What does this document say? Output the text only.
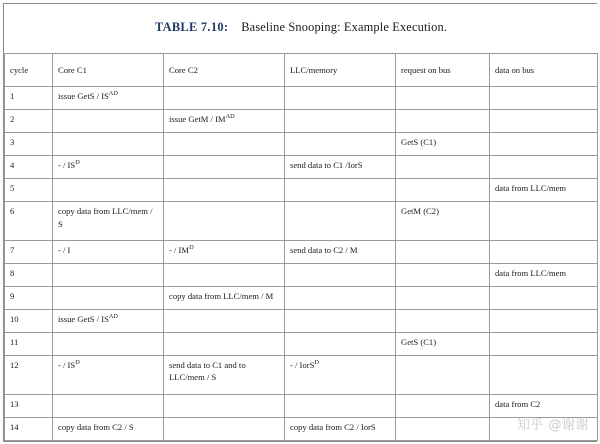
TABLE 7.10: Baseline Snooping: Example Execution.					
cycle	Core C1	Core C2	LLC/memory	request on bus	data on bus
1	issue GetS / $IS^{AD}$				
2		issue GetM / $IM^{AD}$			
3				GetS (C1)	
4	- / $IS^D$		send data to C1 /IorS		
5					data from LLC/mem
6	copy data from LLC/mem / S			GetM (C2)	
7	- / I	- / $IM^D$	send data to C2 / M		
8					data from LLC/mem
9		copy data from LLC/mem / M			
10	issue GetS / $IS^{AD}$				
11				GetS (C1)	
12	- / $IS^D$	send data to C1 and to LLC/mem / S	- / IorS$^D$		
13					data from C2
14	copy data from C2 / S		copy data from C2 / IorS			知乎 @谢谢
